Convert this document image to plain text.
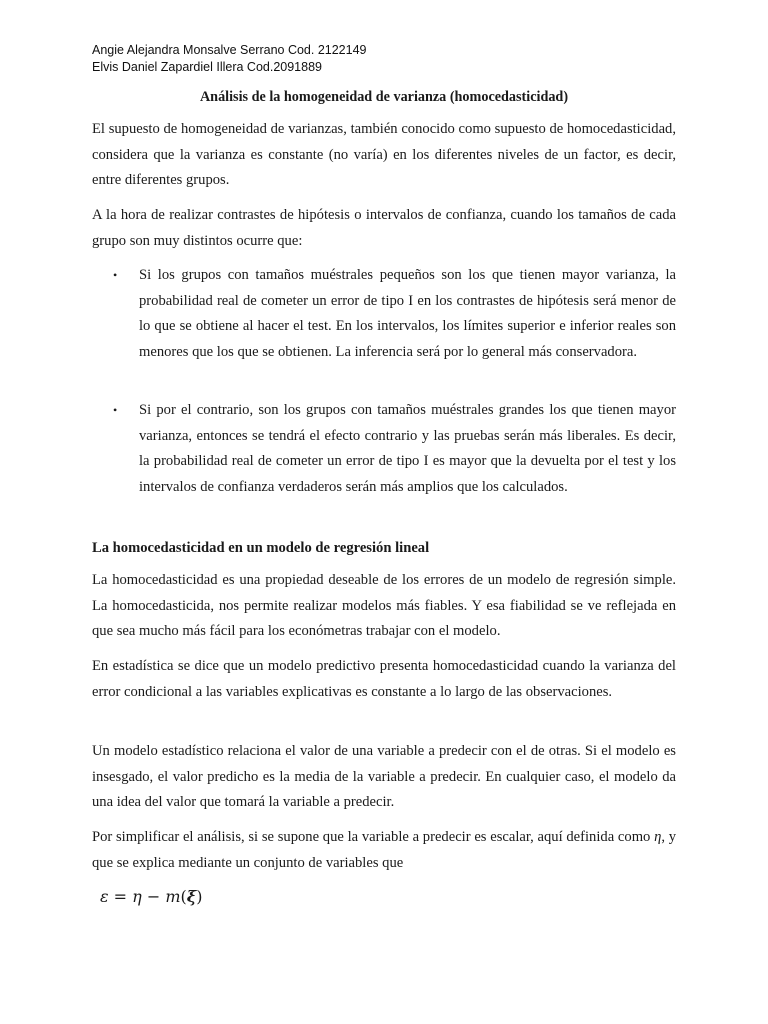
Angie Alejandra Monsalve Serrano Cod. 2122149
Elvis Daniel Zapardiel Illera Cod.2091889
Análisis de la homogeneidad de varianza (homocedasticidad)
El supuesto de homogeneidad de varianzas, también conocido como supuesto de homocedasticidad, considera que la varianza es constante (no varía) en los diferentes niveles de un factor, es decir, entre diferentes grupos.
A la hora de realizar contrastes de hipótesis o intervalos de confianza, cuando los tamaños de cada grupo son muy distintos ocurre que:
• Si los grupos con tamaños muéstrales pequeños son los que tienen mayor varianza, la probabilidad real de cometer un error de tipo I en los contrastes de hipótesis será menor de lo que se obtiene al hacer el test. En los intervalos, los límites superior e inferior reales son menores que los que se obtienen. La inferencia será por lo general más conservadora.
• Si por el contrario, son los grupos con tamaños muéstrales grandes los que tienen mayor varianza, entonces se tendrá el efecto contrario y las pruebas serán más liberales. Es decir, la probabilidad real de cometer un error de tipo I es mayor que la devuelta por el test y los intervalos de confianza verdaderos serán más amplios que los calculados.
La homocedasticidad en un modelo de regresión lineal
La homocedasticidad es una propiedad deseable de los errores de un modelo de regresión simple. La homocedasticida, nos permite realizar modelos más fiables. Y esa fiabilidad se ve reflejada en que sea mucho más fácil para los económetras trabajar con el modelo.
En estadística se dice que un modelo predictivo presenta homocedasticidad cuando la varianza del error condicional a las variables explicativas es constante a lo largo de las observaciones.
Un modelo estadístico relaciona el valor de una variable a predecir con el de otras. Si el modelo es insesgado, el valor predicho es la media de la variable a predecir. En cualquier caso, el modelo da una idea del valor que tomará la variable a predecir.
Por simplificar el análisis, si se supone que la variable a predecir es escalar, aquí definida como η, y que se explica mediante un conjunto de variables que
ε = η − m(ξ)
